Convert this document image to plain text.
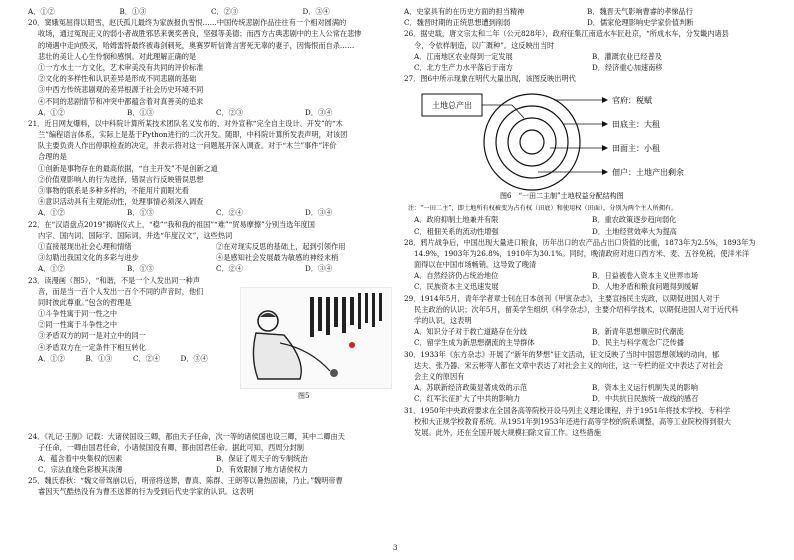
A．①②	B．①③	C．②③	D．③④
20．窦娥冤屈得以昭雪，赵氏孤儿最终为家族报仇雪恨……中国传统悲剧作品往往有一个相对圆满的
收场，通过冤现正义的弱小者战胜邪恶来褒奖善良，坚强等美德；而西方古典悲剧中的主人公常在悲惨
的境遇中走向毁灭，哈姆雷特最终被毒剑刺死，奥赛罗听信谗言害死无辜的妻子，因悔恨而自杀……
悲壮的美让人心生怜悯和感恫。对此理解正确的是
①一方水土一方文化，艺术审美没有共同的评价标准
②文化的多样性和认识差异是形成不同悲剧的基础
③中西方传统悲剧观的差异根源于社会历史环境不同
④不同的悲剧情节和冲突中都蕴含着对真善美的追求
A．①②	B．①③	C．②③	D．③④
21．近日网友爆料，以中科院计算所某技术团队名义发布的、对外宣称“完全自主设计、开发”的“木
兰”编程语言体系，实际上是基于Python进行的二次开发。随即，中科院计算所发表声明，对该团
队主要负责人作出停职检查的决定，并表示将对这一问题展开深入调查。对于“木兰”事件”评价
合理的是
①创新是事物存在的最高依据，“自主开发”不是创新之道
②价值观影响人的行为选择，错误言行反映错误思想
③事物的联系是多种多样的，不能用片面眼光看
④意识活动具有主观能动性，处理事情必须深入调查
A．①②	B．①③	C．②④	D．③④
22．在“汉语盘点2019”揭晓仪式上，“稳”“我和我的祖国”“难”“贸易摩擦”分别当选年度国
内字、国内词、国际字、国际词。并选“年度汉文”，这些热词
①直接展现出社会心理和情绪	②在对现实反思的基础上，起到引领作用
③勾勒出我国文化的多彩与进步	④是感知社会发展最为敏感的神经末梢
A．①②	B．①③	C．②④	D．③④
23．读漫画（图5），“和谐，不是一个人发出同一种声
音，而是当一百个人发出一百个不同的声音时，他们
同时彼此尊重。”包含的哲理是
①斗争性寓于同一性之中
②同一性寓于斗争性之中
③矛盾双方的同一是对立中的同一
④矛盾双方在一定条件下相互转化
A．①②	B．①③	C．②④	D．③④
图5
24．《礼记·王制》记载：大诸侯国设三卿，都由天子任命，次一等的诸侯国也设三卿，其中二卿由天
子任命，一卿由国君任命，小诸侯国没有卿，都由国君任命。据此可知，西周分封制
A．蕴含着中央集权的因素	B．保证了周天子的专制统治
C．宗法血缘色彩极其淡薄	D．有效限制了地方诸侯权力
25．魏氏春秋：“魏文帝驾崩以后，明帝将送葬，曹真、陈群、王朗等以暑热固谏，乃止。”魏明帝曹
睿因天气酷热没有为曹丕送葬的行为受到后代史学家的认识。这表明
A．史家具有的在历史方面的担当精神	B．魏晋天气影响曹睿的孝悌品行
C．魏晋时期的正统思想遭到削弱	D．儒家伦理影响史学家价值判断
26．据史载，唐文宗太和二年（公元828年），政府征集江南造水车匠赴京，“所成水车，分发畿内诸县
令，令依样制造，以广溉种”。这反映出当时
A．江南地区农业得到一定发展	B．灌溉农业已经普及
C．北方生产力水平落后于南方	D．经济重心加速南移
27．图6中所示现象在明代大量出现，该图反映出明代
土地总产出
官府：税赋
田底主：大租
田面主：小租
佃户：土地产出剩余
图6　“一田二主制”土地权益分配结构图
注：“一田二主”，即土地所有权被变为占有权（田底）和使用权（田面），分别为两个主人所拥有。
A．政府抑制土地兼并有限	B．重农政策逐步趋向弱化
C．租佃关系的流动性增强	D．土地经营效率大为提高
28．鸦片战争后，中国出现大量进口粮食，历年出口的农产品占出口货值的比重，1873年为2.5%，1893年为
14.9%，1903年为26.8%，1910年为30.1%。同时，晚清政府对进口西方米、麦、五谷免税，使洋米洋
面得以在中国市场畅销。这导致了晚清
A．自然经济仍占统治地位	B．日益被卷入资本主义世界市场
C．民族资本主义迅速发展	D．人地矛盾和粮食问题得到缓解
29．1914年5月，青年学者章士钊在日本创刊《甲寅杂志》，主要宣扬民主宪政，以期促进国人对于
民主政治的认识；次年5月，留美学生组织《科学杂志》，主要介绍科学技术，以期促进国人对于近代科
学的认识。这表明
A．知识分子对于救亡道路存在分歧	B．新青年思想顺应时代潮流
C．留学生成为新思想潮流的主导群体	D．民主与科学观念广泛传播
30．1933年《东方杂志》开展了“新年的梦想”征文活动，征文反映了当时中国思想领域的动向，郁
达夫、张乃器、宋云彬等人都在文章中表达了对社会主义的向往，这一专栏的征文中表达了对社会
会主义的原因有
A．苏联新经济政策显著成效的示范	B．资本主义运行机制失灵的影响
C．红军长征扩大了中共的影响力	D．中共抗日民族统一战线的感召
31．1950年中央政府要求在全国各高等院校开设马列主义理论课程，并于1951年将技术学校、专科学
校和大正规学校教育系统。从1951年到1953年还进行高等学校的院系调整，高等工业院校得到很大
发展。此外，还在全国开展大规模扫除文盲工作。这些措施
3
